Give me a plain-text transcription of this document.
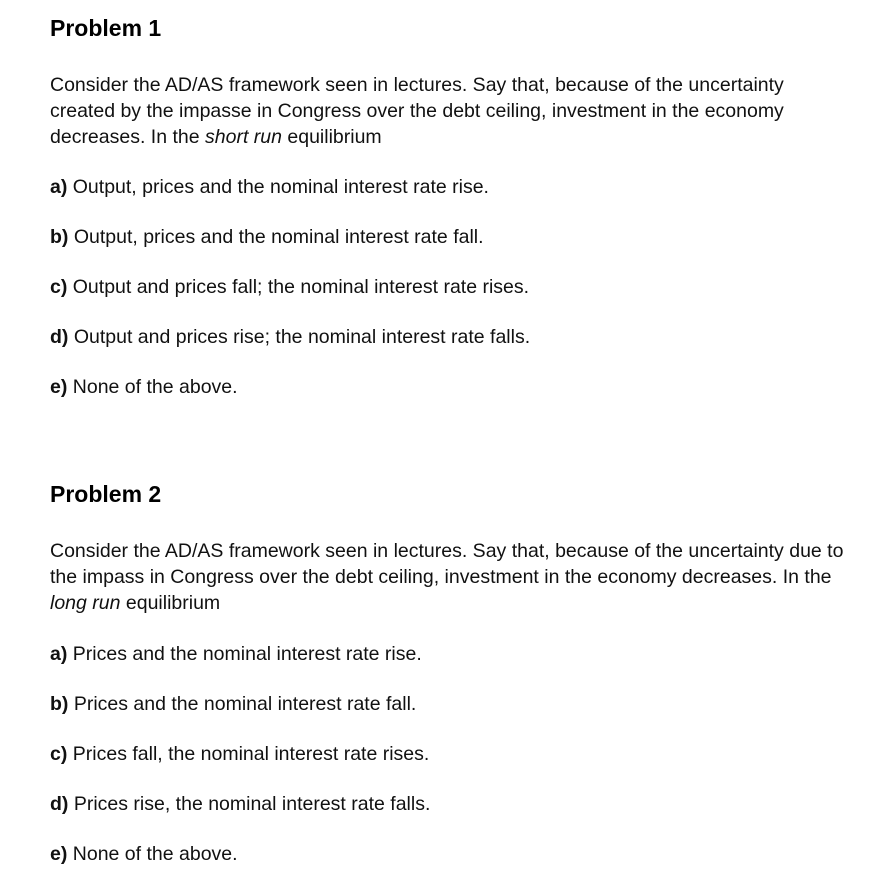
Problem 1

Consider the AD/AS framework seen in lectures. Say that, because of the uncertainty created by the impasse in Congress over the debt ceiling, investment in the economy decreases. In the short run equilibrium

a) Output, prices and the nominal interest rate rise.
b) Output, prices and the nominal interest rate fall.
c) Output and prices fall; the nominal interest rate rises.
d) Output and prices rise; the nominal interest rate falls.
e) None of the above.
Problem 2

Consider the AD/AS framework seen in lectures. Say that, because of the uncertainty due to the impass in Congress over the debt ceiling, investment in the economy decreases. In the long run equilibrium

a) Prices and the nominal interest rate rise.
b) Prices and the nominal interest rate fall.
c) Prices fall, the nominal interest rate rises.
d) Prices rise, the nominal interest rate falls.
e) None of the above.
